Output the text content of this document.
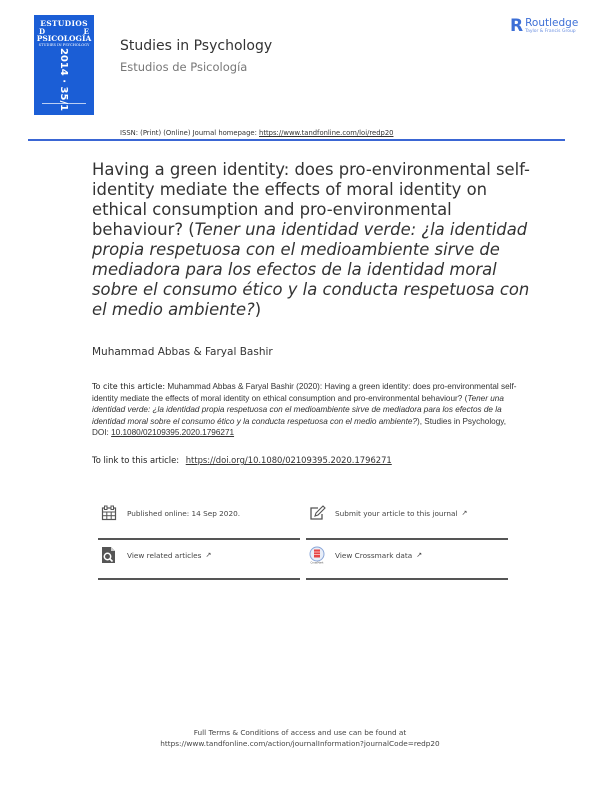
ESTUDIOS
D	E
PSICOLOGÍA
STUDIES IN PSYCHOLOGY
2014 · 35/1
Studies in Psychology
Estudios de Psicología
R Routledge
Taylor & Francis Group
ISSN: (Print) (Online) Journal homepage: https://www.tandfonline.com/loi/redp20
Having a green identity: does pro-environmental self-identity mediate the effects of moral identity on ethical consumption and pro-environmental behaviour? (Tener una identidad verde: ¿la identidad propia respetuosa con el medioambiente sirve de mediadora para los efectos de la identidad moral sobre el consumo ético y la conducta respetuosa con el medio ambiente?)
Muhammad Abbas & Faryal Bashir
To cite this article: Muhammad Abbas & Faryal Bashir (2020): Having a green identity: does pro-environmental self-identity mediate the effects of moral identity on ethical consumption and pro-environmental behaviour? (Tener una identidad verde: ¿la identidad propia respetuosa con el medioambiente sirve de mediadora para los efectos de la identidad moral sobre el consumo ético y la conducta respetuosa con el medio ambiente?), Studies in Psychology, DOI: 10.1080/02109395.2020.1796271
To link to this article: https://doi.org/10.1080/02109395.2020.1796271
Published online: 14 Sep 2020.	Submit your article to this journal ↗
View related articles ↗
CrossMark
View Crossmark data ↗
Full Terms & Conditions of access and use can be found at
https://www.tandfonline.com/action/journalInformation?journalCode=redp20
